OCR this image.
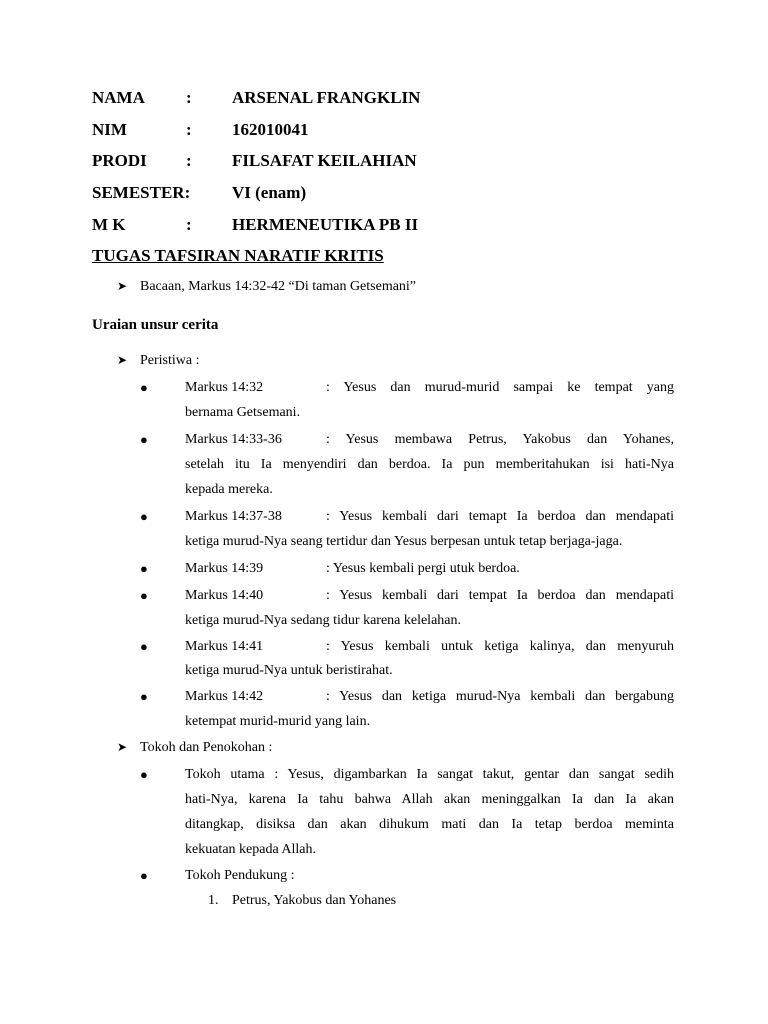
NAMA : ARSENAL FRANGKLIN
NIM	: 162010041
PRODI : FILSAFAT KEILAHIAN
SEMESTER: VI (enam)
M K	: HERMENEUTIKA PB II
TUGAS TAFSIRAN NARATIF KRITIS
➤ Bacaan, Markus 14:32-42 “Di taman Getsemani”
Uraian unsur cerita
➤ Peristiwa :
●	Markus 14:32	: Yesus dan murud-murid sampai ke tempat yang
bernama Getsemani.
●	Markus 14:33-36	: Yesus membawa Petrus, Yakobus dan Yohanes,
setelah itu Ia menyendiri dan berdoa. Ia pun memberitahukan isi hati-Nya
kepada mereka.
●	Markus 14:37-38	: Yesus kembali dari temapt Ia berdoa dan mendapati
ketiga murud-Nya seang tertidur dan Yesus berpesan untuk tetap berjaga-jaga.
●	Markus 14:39	: Yesus kembali pergi utuk berdoa.
●	Markus 14:40	: Yesus kembali dari tempat Ia berdoa dan mendapati
ketiga murud-Nya sedang tidur karena kelelahan.
●	Markus 14:41	: Yesus kembali untuk ketiga kalinya, dan menyuruh
ketiga murud-Nya untuk beristirahat.
●	Markus 14:42	: Yesus dan ketiga murud-Nya kembali dan bergabung
ketempat murid-murid yang lain.
➤ Tokoh dan Penokohan :
●	Tokoh utama : Yesus, digambarkan Ia sangat takut, gentar dan sangat sedih
hati-Nya, karena Ia tahu bahwa Allah akan meninggalkan Ia dan Ia akan
ditangkap, disiksa dan akan dihukum mati dan Ia tetap berdoa meminta
kekuatan kepada Allah.
●	Tokoh Pendukung :
1. Petrus, Yakobus dan Yohanes
